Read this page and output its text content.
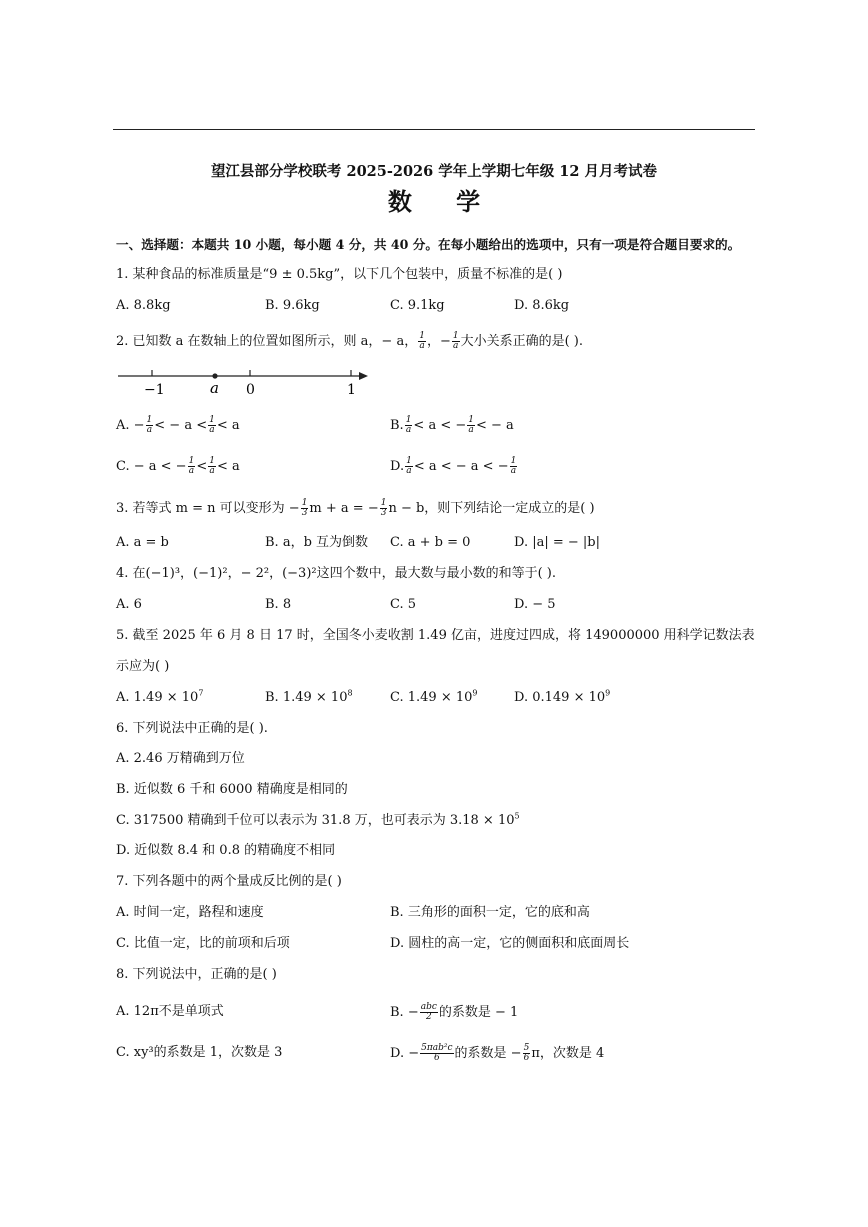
望江县部分学校联考 2025-2026 学年上学期七年级 12 月月考试卷
数 学
一、选择题：本题共 10 小题，每小题 4 分，共 40 分。在每小题给出的选项中，只有一项是符合题目要求的。
1. 某种食品的标准质量是“9 ± 0.5kg”，以下几个包装中，质量不标准的是( )
A. 8.8kg	B. 9.6kg	C. 9.1kg	D. 8.6kg
2. 已知数 a 在数轴上的位置如图所示，则 a，− a， $\frac{1}{a}$ ，− $\frac{1}{a}$ 大小关系正确的是( ).
−1	a 0	1
A. − $\frac{1}{a}$ < − $a < \frac{1}{a} < a$	B. $\frac{1}{a} < a$ < − $\frac{1}{a}$ < − a
C. − a < − $\frac{1}{a} < \frac{1}{a} < a$	D. $\frac{1}{a} < a$ < − a < − $\frac{1}{a}$
3. 若等式 m = n 可以变形为 − $\frac{1}{3}$ m + a = − $\frac{1}{3}$ n − b，则下列结论一定成立的是( )
A. a = b	B. a，b 互为倒数 C. a + b = 0	D. |a| = − |b|
4. 在(−1)³，(−1)²，− 2²，(−3)²这四个数中，最大数与最小数的和等于( ).
A. 6	B. 8	C. 5	D. − 5
5. 截至 2025 年 6 月 8 日 17 时，全国冬小麦收割 1.49 亿亩，进度过四成，将 149000000 用科学记数法表
示应为( )
A. $1.49 \times 10^7$	B. $1.49 \times 10^8$	C. $1.49 \times 10^9$	D. $0.149 \times 10^9$
6. 下列说法中正确的是( ).
A. 2.46 万精确到万位
B. 近似数 6 千和 6000 精确度是相同的
C. 317500 精确到千位可以表示为 31.8 万，也可表示为 $3.18 \times 10^5$
D. 近似数 8.4 和 0.8 的精确度不相同
7. 下列各题中的两个量成反比例的是( )
A. 时间一定，路程和速度	B. 三角形的面积一定，它的底和高
C. 比值一定，比的前项和后项	D. 圆柱的高一定，它的侧面积和底面周长
8. 下列说法中，正确的是( )
A. 12π不是单项式	B. − $\frac{\text{abc}}{2}$ 的系数是 − 1
C. xy³的系数是 1，次数是 3	D. − $\frac{\text{5πab²c}}{6}$ 的系数是 − $\frac{5}{6}$ π，次数是 4
